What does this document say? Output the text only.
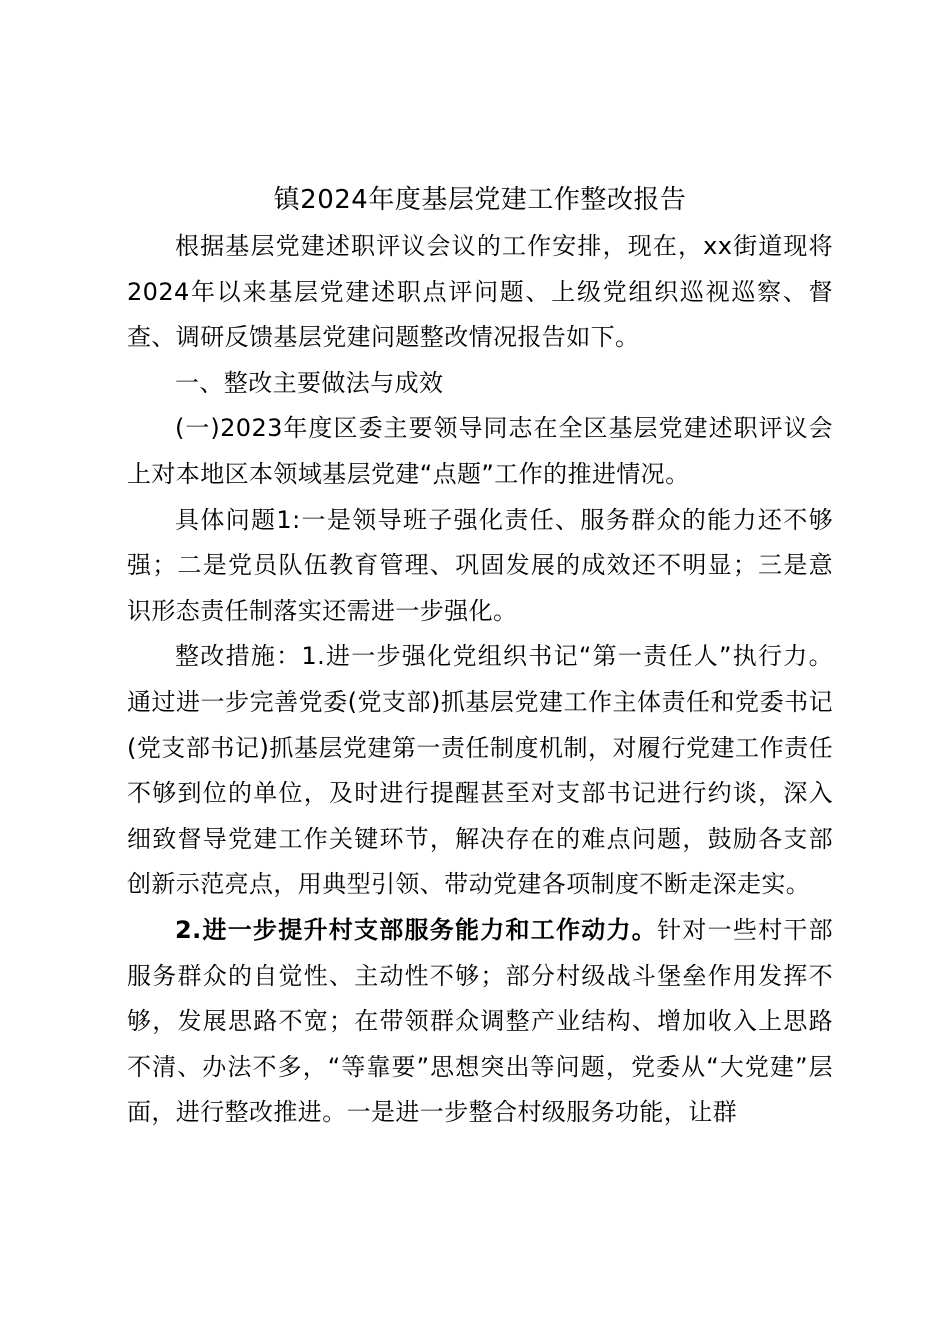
镇2024年度基层党建工作整改报告

根据基层党建述职评议会议的工作安排，现在，xx街道现将2024年以来基层党建述职点评问题、上级党组织巡视巡察、督查、调研反馈基层党建问题整改情况报告如下。

一、整改主要做法与成效

(一)2023年度区委主要领导同志在全区基层党建述职评议会上对本地区本领域基层党建“点题”工作的推进情况。

具体问题1:一是领导班子强化责任、服务群众的能力还不够强；二是党员队伍教育管理、巩固发展的成效还不明显；三是意识形态责任制落实还需进一步强化。

整改措施：1.进一步强化党组织书记“第一责任人”执行力。通过进一步完善党委(党支部)抓基层党建工作主体责任和党委书记(党支部书记)抓基层党建第一责任制度机制，对履行党建工作责任不够到位的单位，及时进行提醒甚至对支部书记进行约谈，深入细致督导党建工作关键环节，解决存在的难点问题，鼓励各支部创新示范亮点，用典型引领、带动党建各项制度不断走深走实。

2.进一步提升村支部服务能力和工作动力。针对一些村干部服务群众的自觉性、主动性不够；部分村级战斗堡垒作用发挥不够，发展思路不宽；在带领群众调整产业结构、增加收入上思路不清、办法不多，“等靠要”思想突出等问题，党委从“大党建”层面，进行整改推进。一是进一步整合村级服务功能，让群
